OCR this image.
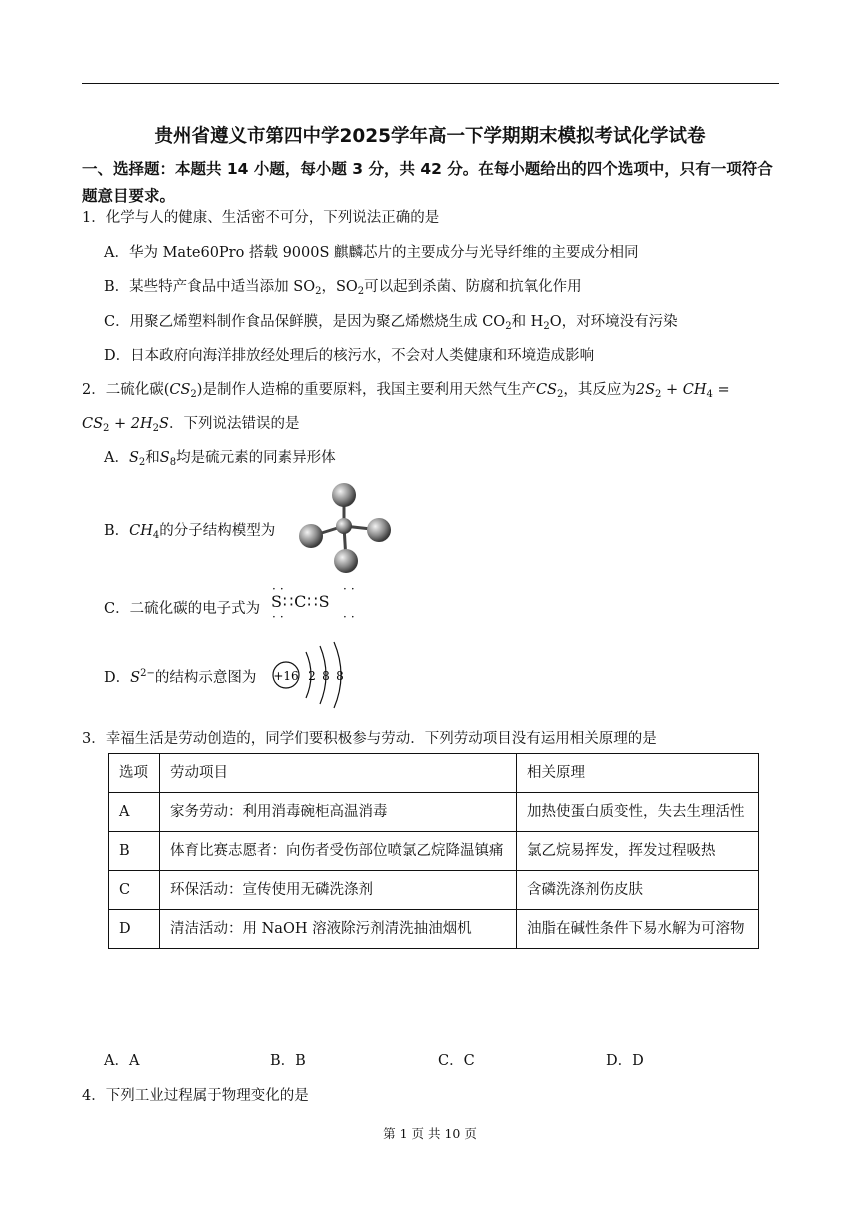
贵州省遵义市第四中学2025学年高一下学期期末模拟考试化学试卷
一、选择题：本题共 14 小题，每小题 3 分，共 42 分。在每小题给出的四个选项中，只有一项符合题意目要求。
1．化学与人的健康、生活密不可分，下列说法正确的是
A．华为 Mate60Pro 搭载 9000S 麒麟芯片的主要成分与光导纤维的主要成分相同
B．某些特产食品中适当添加 $SO_2$，$SO_2$可以起到杀菌、防腐和抗氧化作用
C．用聚乙烯塑料制作食品保鲜膜，是因为聚乙烯燃烧生成 $CO_2$和 $H_2O$，对环境没有污染
D．日本政府向海洋排放经处理后的核污水，不会对人类健康和环境造成影响
2．二硫化碳$(CS_2)$是制作人造棉的重要原料，我国主要利用天然气生产$CS_2$，其反应为$2S_2 + CH_4$ =
$CS_2 + 2H_2S$．下列说法错误的是
A．$S_2$和$S_8$均是硫元素的同素异形体
B．$CH_4$的分子结构模型为
C．二硫化碳的电子式为 S∷C∷S
··
··
··
··
D．$S^{2-}$的结构示意图为 +16 2 8 8
3．幸福生活是劳动创造的，同学们要积极参与劳动．下列劳动项目没有运用相关原理的是
选项	劳动项目	相关原理
A	家务劳动：利用消毒碗柜高温消毒	加热使蛋白质变性，失去生理活性
B	体育比赛志愿者：向伤者受伤部位喷氯乙烷降温镇痛	氯乙烷易挥发，挥发过程吸热
C	环保活动：宣传使用无磷洗涤剂	含磷洗涤剂伤皮肤
D	清洁活动：用 NaOH 溶液除污剂清洗抽油烟机	油脂在碱性条件下易水解为可溶物
A．A	B．B	C．C	D．D
4．下列工业过程属于物理变化的是
第 1 页 共 10 页
